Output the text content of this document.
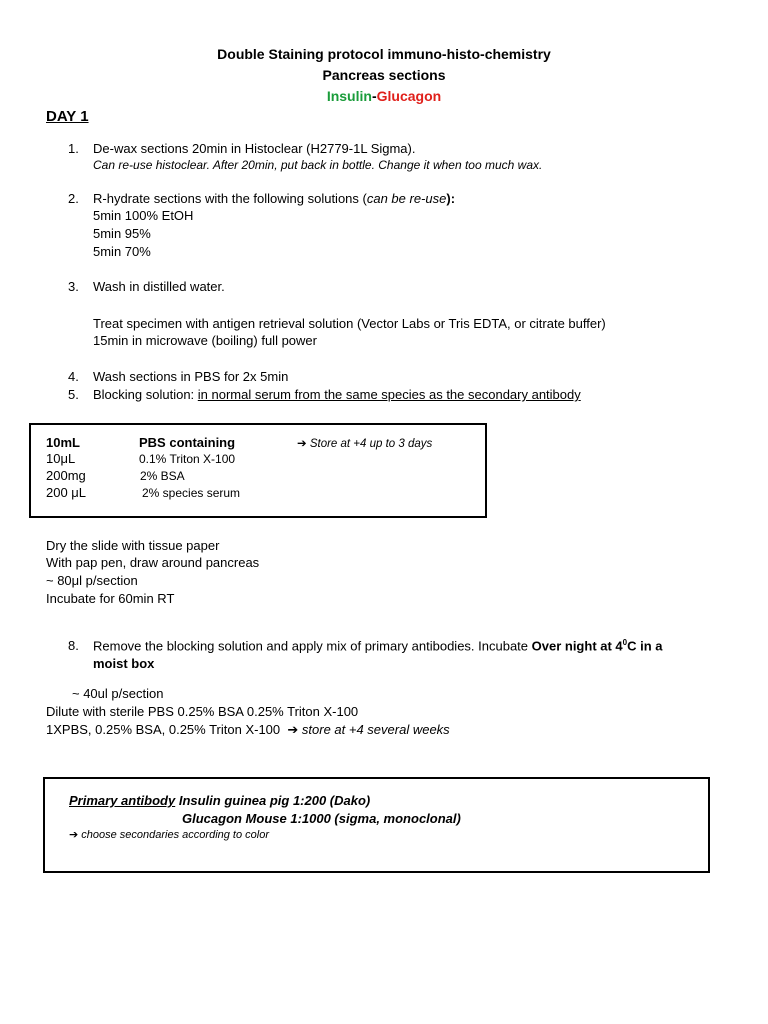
Double Staining protocol immuno-histo-chemistry
Pancreas sections
Insulin-Glucagon
DAY 1
1. De-wax sections 20min in Histoclear (H2779-1L Sigma).
Can re-use histoclear. After 20min, put back in bottle. Change it when too much wax.
2. R-hydrate sections with the following solutions (can be re-use):
5min 100% EtOH
5min 95%
5min 70%
3. Wash in distilled water.
Treat specimen with antigen retrieval solution (Vector Labs or Tris EDTA, or citrate buffer)
15min in microwave (boiling) full power
4. Wash sections in PBS for 2x 5min
5. Blocking solution: in normal serum from the same species as the secondary antibody
10mL	PBS containing	➔ Store at +4 up to 3 days
10μL	0.1% Triton X-100
200mg	2% BSA
200 μL	2% species serum
Dry the slide with tissue paper
With pap pen, draw around pancreas
~ 80μl p/section
Incubate for 60min RT
8. Remove the blocking solution and apply mix of primary antibodies. Incubate Over night at $4^0C$ in a
moist box
~ 40ul p/section
Dilute with sterile PBS 0.25% BSA 0.25% Triton X-100
1XPBS, 0.25% BSA, 0.25% Triton X-100 ➔ store at +4 several weeks
Primary antibody Insulin guinea pig 1:200 (Dako)
Glucagon Mouse 1:1000 (sigma, monoclonal)
➔ choose secondaries according to color
